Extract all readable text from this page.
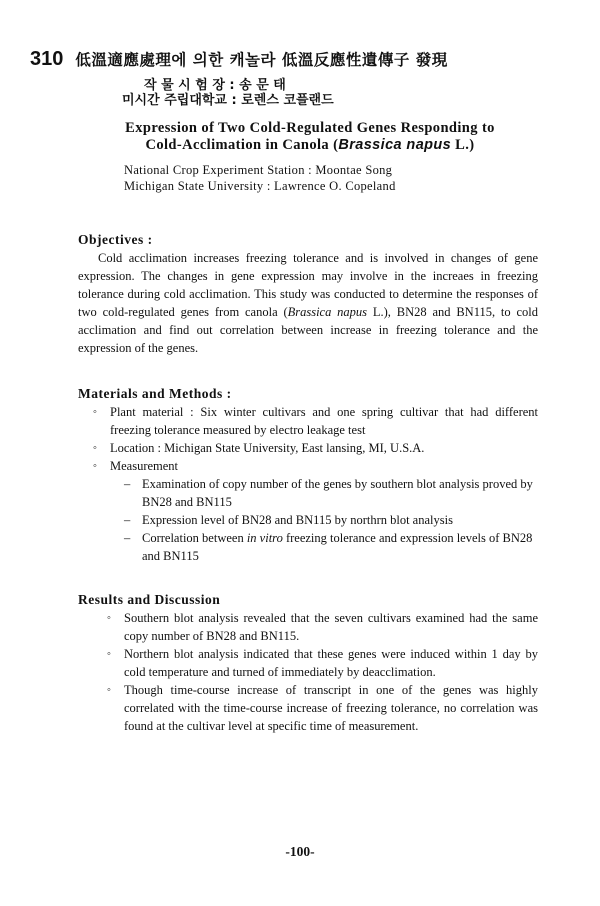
310 低溫適應處理에 의한 캐놀라 低溫反應性遺傳子 發現
작 물 시 험 장 : 송 문 태
미시간 주립대학교 : 로렌스 코플랜드
Expression of Two Cold-Regulated Genes Responding to
Cold-Acclimation in Canola (Brassica napus L.)
National Crop Experiment Station : Moontae Song
Michigan State University : Lawrence O. Copeland
Objectives :

Cold acclimation increases freezing tolerance and is involved in changes of gene expression. The changes in gene expression may involve in the increaes in freezing tolerance during cold acclimation. This study was conducted to determine the responses of two cold-regulated genes from canola (Brassica napus L.), BN28 and BN115, to cold acclimation and find out correlation between increase in freezing tolerance and the expression of the genes.

Materials and Methods :
◦	Plant material : Six winter cultivars and one spring cultivar that had different freezing tolerance measured by electro leakage test
◦	Location : Michigan State University, East lansing, MI, U.S.A.
◦	Measurement
– Examination of copy number of the genes by southern blot analysis proved by BN28 and BN115
– Expression level of BN28 and BN115 by northrn blot analysis
– Correlation between in vitro freezing tolerance and expression levels of BN28 and BN115
Results and Discussion
◦	Southern blot analysis revealed that the seven cultivars examined had the same copy number of BN28 and BN115.
◦	Northern blot analysis indicated that these genes were induced within 1 day by cold temperature and turned of immediately by deacclimation.
◦	Though time-course increase of transcript in one of the genes was highly correlated with the time-course increase of freezing tolerance, no correlation was found at the cultivar level at specific time of measurement.
-100-
